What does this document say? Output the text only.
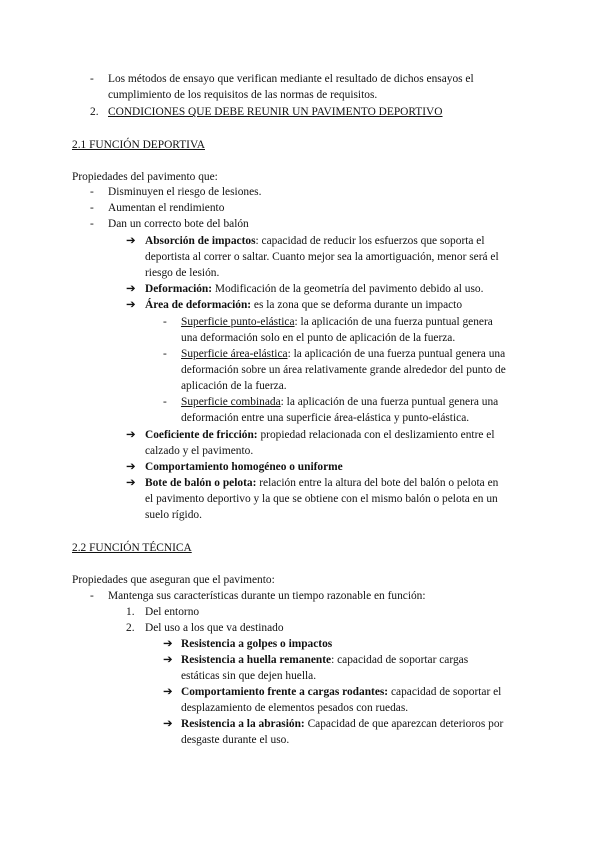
- Los métodos de ensayo que verifican mediante el resultado de dichos ensayos el
cumplimiento de los requisitos de las normas de requisitos.
2. CONDICIONES QUE DEBE REUNIR UN PAVIMENTO DEPORTIVO
2.1 FUNCIÓN DEPORTIVA
Propiedades del pavimento que:
- Disminuyen el riesgo de lesiones.
- Aumentan el rendimiento
- Dan un correcto bote del balón
➔ Absorción de impactos: capacidad de reducir los esfuerzos que soporta el
deportista al correr o saltar. Cuanto mejor sea la amortiguación, menor será el
riesgo de lesión.
➔ Deformación: Modificación de la geometría del pavimento debido al uso.
➔ Área de deformación: es la zona que se deforma durante un impacto
- Superficie punto-elástica: la aplicación de una fuerza puntual genera
una deformación solo en el punto de aplicación de la fuerza.
- Superficie área-elástica: la aplicación de una fuerza puntual genera una
deformación sobre un área relativamente grande alrededor del punto de
aplicación de la fuerza.
- Superficie combinada: la aplicación de una fuerza puntual genera una
deformación entre una superficie área-elástica y punto-elástica.
➔ Coeficiente de fricción: propiedad relacionada con el deslizamiento entre el
calzado y el pavimento.
➔ Comportamiento homogéneo o uniforme
➔ Bote de balón o pelota: relación entre la altura del bote del balón o pelota en
el pavimento deportivo y la que se obtiene con el mismo balón o pelota en un
suelo rígido.
2.2 FUNCIÓN TÉCNICA
Propiedades que aseguran que el pavimento:
- Mantenga sus características durante un tiempo razonable en función:
1. Del entorno
2. Del uso a los que va destinado
➔ Resistencia a golpes o impactos
➔ Resistencia a huella remanente: capacidad de soportar cargas
estáticas sin que dejen huella.
➔ Comportamiento frente a cargas rodantes: capacidad de soportar el
desplazamiento de elementos pesados con ruedas.
➔ Resistencia a la abrasión: Capacidad de que aparezcan deterioros por
desgaste durante el uso.
